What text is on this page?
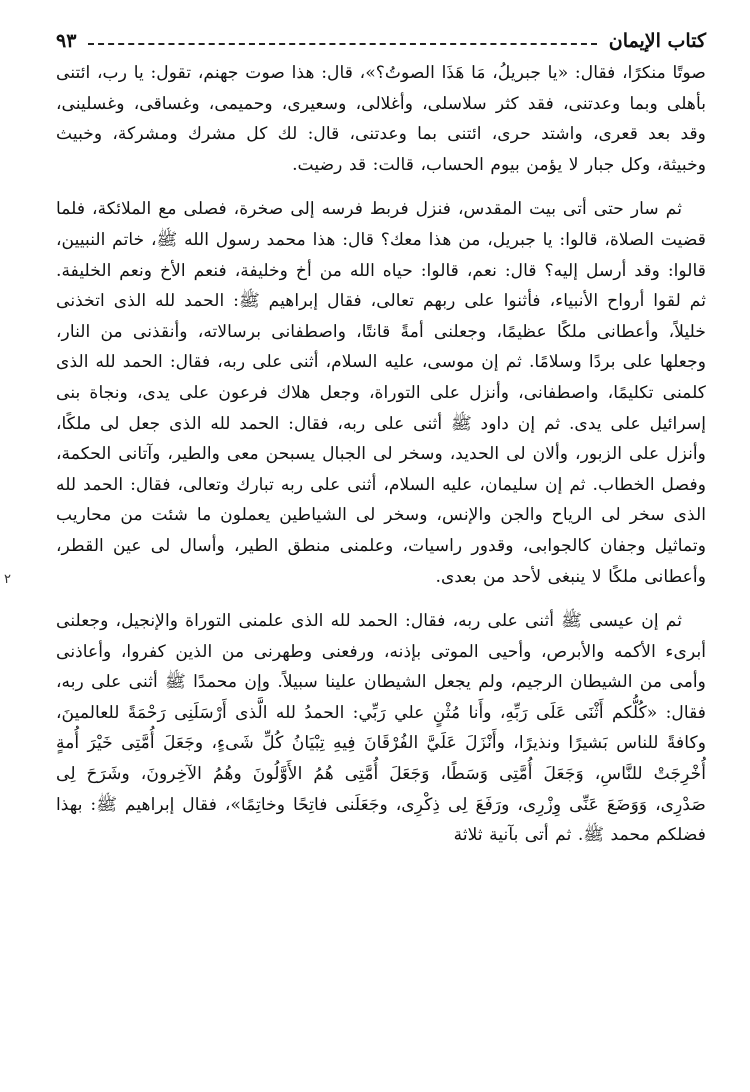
٢
كتاب الإيمان
٩٣

صوتًا منكرًا، فقال: «يا جبريلُ، مَا هَذَا الصوتُ؟»، قال: هذا صوت جهنم، تقول: يا رب، ائتنى بأهلى وبما وعدتنى، فقد كثر سلاسلى، وأغلالى، وسعيرى، وحميمى، وغساقى، وغسلينى، وقد بعد قعرى، واشتد حرى، ائتنى بما وعدتنى، قال: لك كل مشرك ومشركة، وخبيث وخبيثة، وكل جبار لا يؤمن بيوم الحساب، قالت: قد رضيت.

ثم سار حتى أتى بيت المقدس، فنزل فربط فرسه إلى صخرة، فصلى مع الملائكة، فلما قضيت الصلاة، قالوا: يا جبريل، من هذا معك؟ قال: هذا محمد رسول الله ﷺ، خاتم النبيين، قالوا: وقد أرسل إليه؟ قال: نعم، قالوا: حياه الله من أخ وخليفة، فنعم الأخ ونعم الخليفة. ثم لقوا أرواح الأنبياء، فأثنوا على ربهم تعالى، فقال إبراهيم ﷺ: الحمد لله الذى اتخذنى خليلاً، وأعطانى ملكًا عظيمًا، وجعلنى أمةً قانتًا، واصطفانى برسالاته، وأنقذنى من النار، وجعلها على بردًا وسلامًا. ثم إن موسى، عليه السلام، أثنى على ربه، فقال: الحمد لله الذى كلمنى تكليمًا، واصطفانى، وأنزل على التوراة، وجعل هلاك فرعون على يدى، ونجاة بنى إسرائيل على يدى. ثم إن داود ﷺ أثنى على ربه، فقال: الحمد لله الذى جعل لى ملكًا، وأنزل على الزبور، وألان لى الحديد، وسخر لى الجبال يسبحن معى والطير، وآتانى الحكمة، وفصل الخطاب. ثم إن سليمان، عليه السلام، أثنى على ربه تبارك وتعالى، فقال: الحمد لله الذى سخر لى الرياح والجن والإنس، وسخر لى الشياطين يعملون ما شئت من محاريب وتماثيل وجفان كالجوابى، وقدور راسيات، وعلمنى منطق الطير، وأسال لى عين القطر، وأعطانى ملكًا لا ينبغى لأحد من بعدى.

ثم إن عيسى ﷺ أثنى على ربه، فقال: الحمد لله الذى علمنى التوراة والإنجيل، وجعلنى أبرىء الأكمه والأبرص، وأحيى الموتى بإذنه، ورفعنى وطهرنى من الذين كفروا، وأعاذنى وأمى من الشيطان الرجيم، ولم يجعل الشيطان علينا سبيلاً. وإن محمدًا ﷺ أثنى على ربه، فقال: «كُلُّكم أَثْنَى عَلَى رَبِّهِ، وأَنا مُثْنٍ علي رَبِّي: الحمدُ لله الَّذى أَرْسَلَنِى رَحْمَةً للعالمينَ، وكافةً للناس بَشيرًا ونذيرًا، وأَنْزَلَ عَلَيَّ الفُرْقَانَ فِيهِ تِبْيَانُ كُلِّ شَىءٍ، وجَعَلَ أُمَّتِى خَيْرَ أُمةٍ أُخْرِجَتْ للنَّاسِ، وَجَعَلَ أُمَّتِى وَسَطًا، وَجَعَلَ أُمَّتِى هُمُ الأَوَّلُونَ وهُمُ الآخِرونَ، وشَرَحَ لِى صَدْرِى، وَوَضَعَ عَنِّى وِزْرِى، ورَفَعَ لِى ذِكْرِى، وجَعَلَنى فاتِحًا وخاتِمًا»، فقال إبراهيم ﷺ: بهذا فضلكم محمد ﷺ. ثم أتى بآنية ثلاثة
